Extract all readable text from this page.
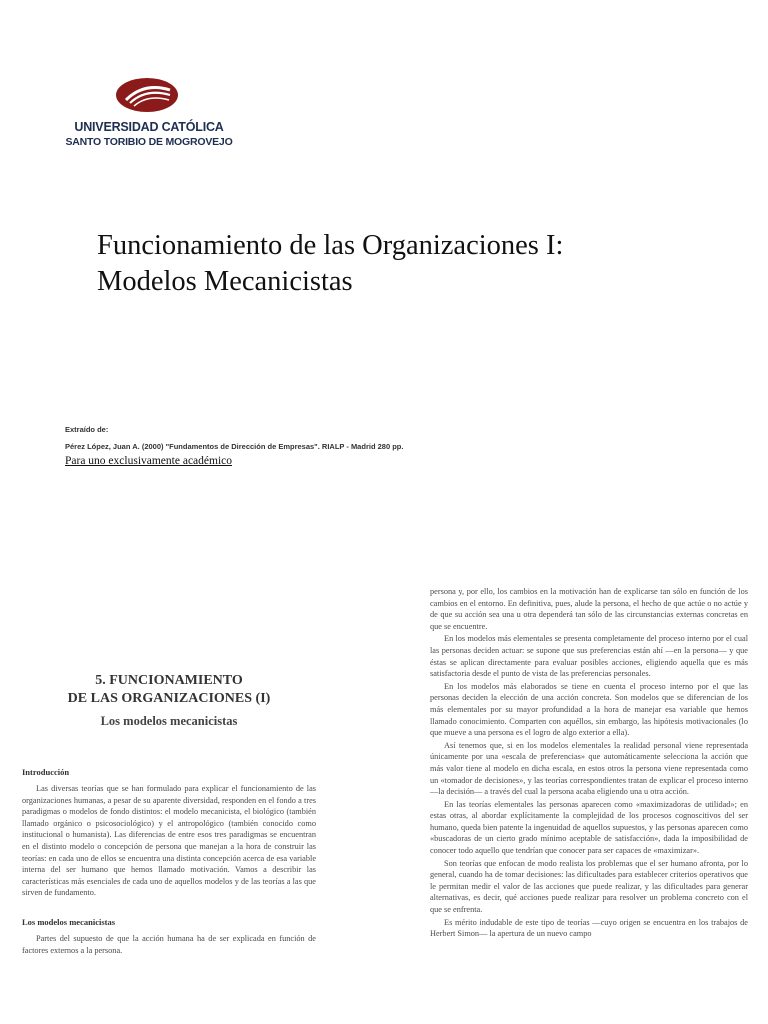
UNIVERSIDAD CATÓLICA
SANTO TORIBIO DE MOGROVEJO
Funcionamiento de las Organizaciones I:
Modelos Mecanicistas
Extraído de:
Pérez López, Juan A. (2000) "Fundamentos de Dirección de Empresas". RIALP - Madrid 280 pp.
Para uno exclusivamente académico
5. FUNCIONAMIENTO
DE LAS ORGANIZACIONES (I)
Los modelos mecanicistas
Introducción

Las diversas teorías que se han formulado para explicar el funcionamiento de las organizaciones humanas, a pesar de su aparente diversidad, responden en el fondo a tres paradigmas o modelos de fondo distintos: el modelo mecanicista, el biológico (también llamado orgánico o psicosociológico) y el antropológico (también conocido como institucional o humanista). Las diferencias de entre esos tres paradigmas se encuentran en el distinto modelo o concepción de persona que manejan a la hora de construir las teorías: en cada uno de ellos se encuentra una distinta concepción acerca de esa variable interna del ser humano que hemos llamado motivación. Vamos a describir las características más esenciales de cada uno de aquellos modelos y de las teorías a las que sirven de fundamento.

Los modelos mecanicistas

Partes del supuesto de que la acción humana ha de ser explicada en función de factores externos a la persona.

persona y, por ello, los cambios en la motivación han de explicarse tan sólo en función de los cambios en el entorno. En definitiva, pues, alude la persona, el hecho de que actúe o no actúe y de que su acción sea una u otra dependerá tan sólo de las circunstancias externas concretas en que se encuentre.

En los modelos más elementales se presenta completamente del proceso interno por el cual las personas deciden actuar: se supone que sus preferencias están ahí —en la persona— y que éstas se aplican directamente para evaluar posibles acciones, eligiendo aquella que es más satisfactoria desde el punto de vista de las preferencias personales.

En los modelos más elaborados se tiene en cuenta el proceso interno por el que las personas deciden la elección de una acción concreta. Son modelos que se diferencian de los más elementales por su mayor profundidad a la hora de manejar esa variable que hemos llamado conocimiento. Comparten con aquéllos, sin embargo, las hipótesis motivacionales (lo que mueve a una persona es el logro de algo exterior a ella).

Así tenemos que, si en los modelos elementales la realidad personal viene representada únicamente por una «escala de preferencias» que automáticamente selecciona la acción que más valor tiene al modelo en dicha escala, en estos otros la persona viene representada como un «tomador de decisiones», y las teorías correspondientes tratan de explicar el proceso interno —la decisión— a través del cual la persona acaba eligiendo una u otra acción.

En las teorías elementales las personas aparecen como «maximizadoras de utilidad»; en estas otras, al abordar explícitamente la complejidad de los procesos cognoscitivos del ser humano, queda bien patente la ingenuidad de aquellos supuestos, y las personas aparecen como «buscadoras de un cierto grado mínimo aceptable de satisfacción», dada la imposibilidad de conocer todo aquello que tendrían que conocer para ser capaces de «maximizar».

Son teorías que enfocan de modo realista los problemas que el ser humano afronta, por lo general, cuando ha de tomar decisiones: las dificultades para establecer criterios operativos que le permitan medir el valor de las acciones que puede realizar, y las dificultades para generar alternativas, es decir, qué acciones puede realizar para resolver un problema concreto con el que se enfrenta.

Es mérito indudable de este tipo de teorías —cuyo origen se encuentra en los trabajos de Herbert Simon— la apertura de un nuevo campo
